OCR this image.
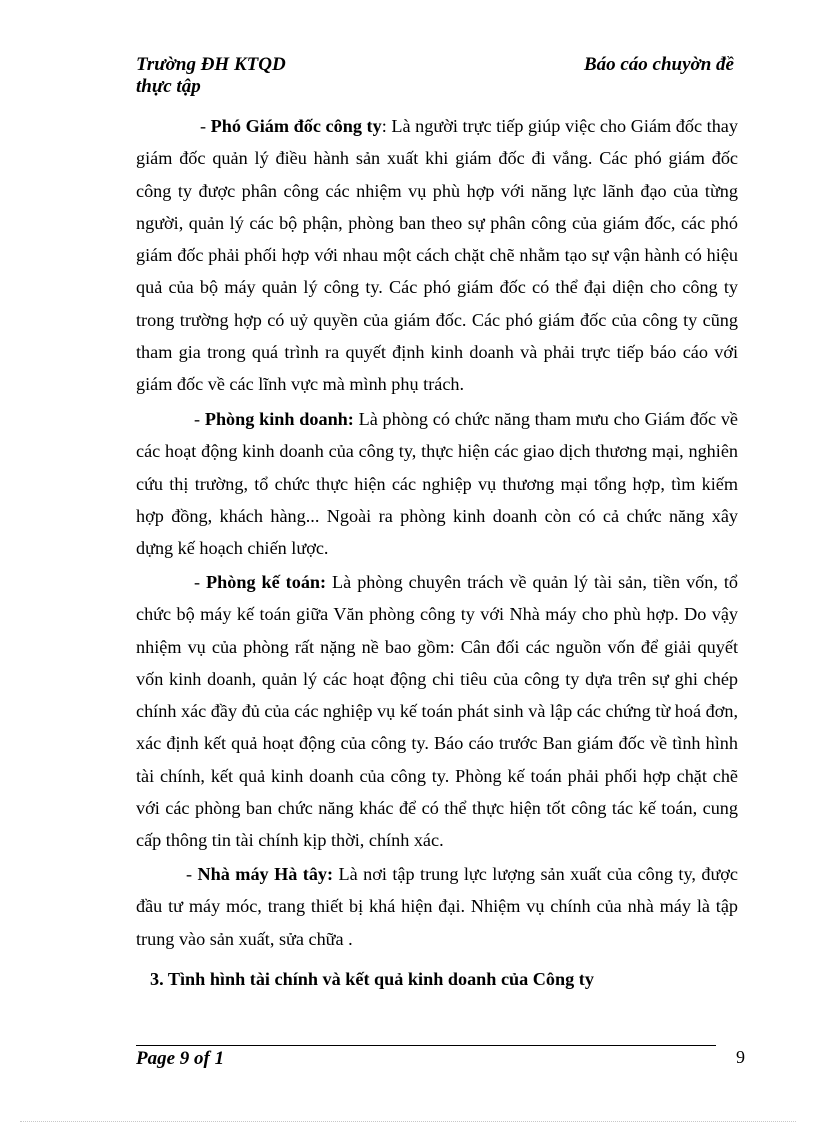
Trường ĐH KTQD
thực tập
Báo cáo chuyờn đề

- Phó Giám đốc công ty: Là người trực tiếp giúp việc cho Giám đốc thay giám đốc quản lý điều hành sản xuất khi giám đốc đi vắng. Các phó giám đốc công ty được phân công các nhiệm vụ phù hợp với năng lực lãnh đạo của từng người, quản lý các bộ phận, phòng ban theo sự phân công của giám đốc, các phó giám đốc phải phối hợp với nhau một cách chặt chẽ nhằm tạo sự vận hành có hiệu quả của bộ máy quản lý công ty. Các phó giám đốc có thể đại diện cho công ty trong trường hợp có uỷ quyền của giám đốc. Các phó giám đốc của công ty cũng tham gia trong quá trình ra quyết định kinh doanh và phải trực tiếp báo cáo với giám đốc về các lĩnh vực mà mình phụ trách.

- Phòng kinh doanh: Là phòng có chức năng tham mưu cho Giám đốc về các hoạt động kinh doanh của công ty, thực hiện các giao dịch thương mại, nghiên cứu thị trường, tổ chức thực hiện các nghiệp vụ thương mại tổng hợp, tìm kiếm hợp đồng, khách hàng... Ngoài ra phòng kinh doanh còn có cả chức năng xây dựng kế hoạch chiến lược.

- Phòng kế toán: Là phòng chuyên trách về quản lý tài sản, tiền vốn, tổ chức bộ máy kế toán giữa Văn phòng công ty với Nhà máy cho phù hợp. Do vậy nhiệm vụ của phòng rất nặng nề bao gồm: Cân đối các nguồn vốn để giải quyết vốn kinh doanh, quản lý các hoạt động chi tiêu của công ty dựa trên sự ghi chép chính xác đầy đủ của các nghiệp vụ kế toán phát sinh và lập các chứng từ hoá đơn, xác định kết quả hoạt động của công ty. Báo cáo trước Ban giám đốc về tình hình tài chính, kết quả kinh doanh của công ty. Phòng kế toán phải phối hợp chặt chẽ với các phòng ban chức năng khác để có thể thực hiện tốt công tác kế toán, cung cấp thông tin tài chính kịp thời, chính xác.

- Nhà máy Hà tây: Là nơi tập trung lực lượng sản xuất của công ty, được đầu tư máy móc, trang thiết bị khá hiện đại. Nhiệm vụ chính của nhà máy là tập trung vào sản xuất, sửa chữa .

3. Tình hình tài chính và kết quả kinh doanh của Công ty
Page 9 of 1	9
